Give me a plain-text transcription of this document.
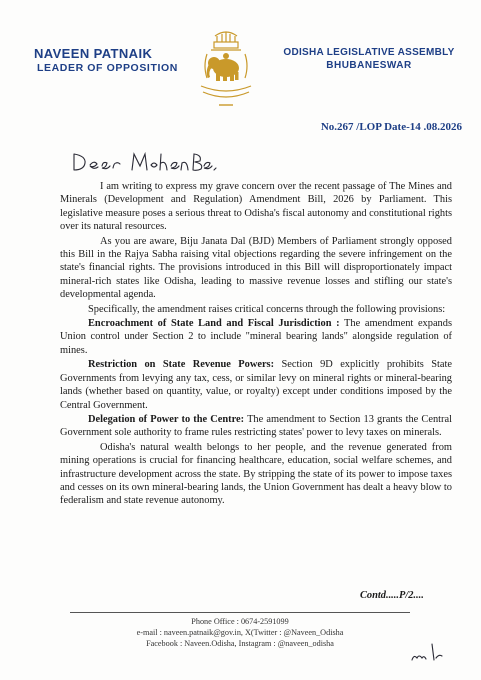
NAVEEN PATNAIK
LEADER OF OPPOSITION
ODISHA LEGISLATIVE ASSEMBLY
BHUBANESWAR
No.267 /LOP Date-14 .08.2026

I am writing to express my grave concern over the recent passage of The Mines and Minerals (Development and Regulation) Amendment Bill, 2026 by Parliament. This legislative measure poses a serious threat to Odisha's fiscal autonomy and constitutional rights over its natural resources.

As you are aware, Biju Janata Dal (BJD) Members of Parliament strongly opposed this Bill in the Rajya Sabha raising vital objections regarding the severe infringement on the state's financial rights. The provisions introduced in this Bill will disproportionately impact mineral-rich states like Odisha, leading to massive revenue losses and stifling our state's developmental agenda.

Specifically, the amendment raises critical concerns through the following provisions:

Encroachment of State Land and Fiscal Jurisdiction : The amendment expands Union control under Section 2 to include "mineral bearing lands" alongside regulation of mines.

Restriction on State Revenue Powers: Section 9D explicitly prohibits State Governments from levying any tax, cess, or similar levy on mineral rights or mineral-bearing lands (whether based on quantity, value, or royalty) except under conditions imposed by the Central Government.

Delegation of Power to the Centre: The amendment to Section 13 grants the Central Government sole authority to frame rules restricting states' power to levy taxes on minerals.

Odisha's natural wealth belongs to her people, and the revenue generated from mining operations is crucial for financing healthcare, education, social welfare schemes, and infrastructure development across the state. By stripping the state of its power to impose taxes and cesses on its own mineral-bearing lands, the Union Government has dealt a heavy blow to federalism and state revenue autonomy.

Contd.....P/2....
Phone Office : 0674-2591099
e-mail : naveen.patnaik@gov.in, X(Twitter : @Naveen_Odisha
Facebook : Naveen.Odisha, Instagram : @naveen_odisha
